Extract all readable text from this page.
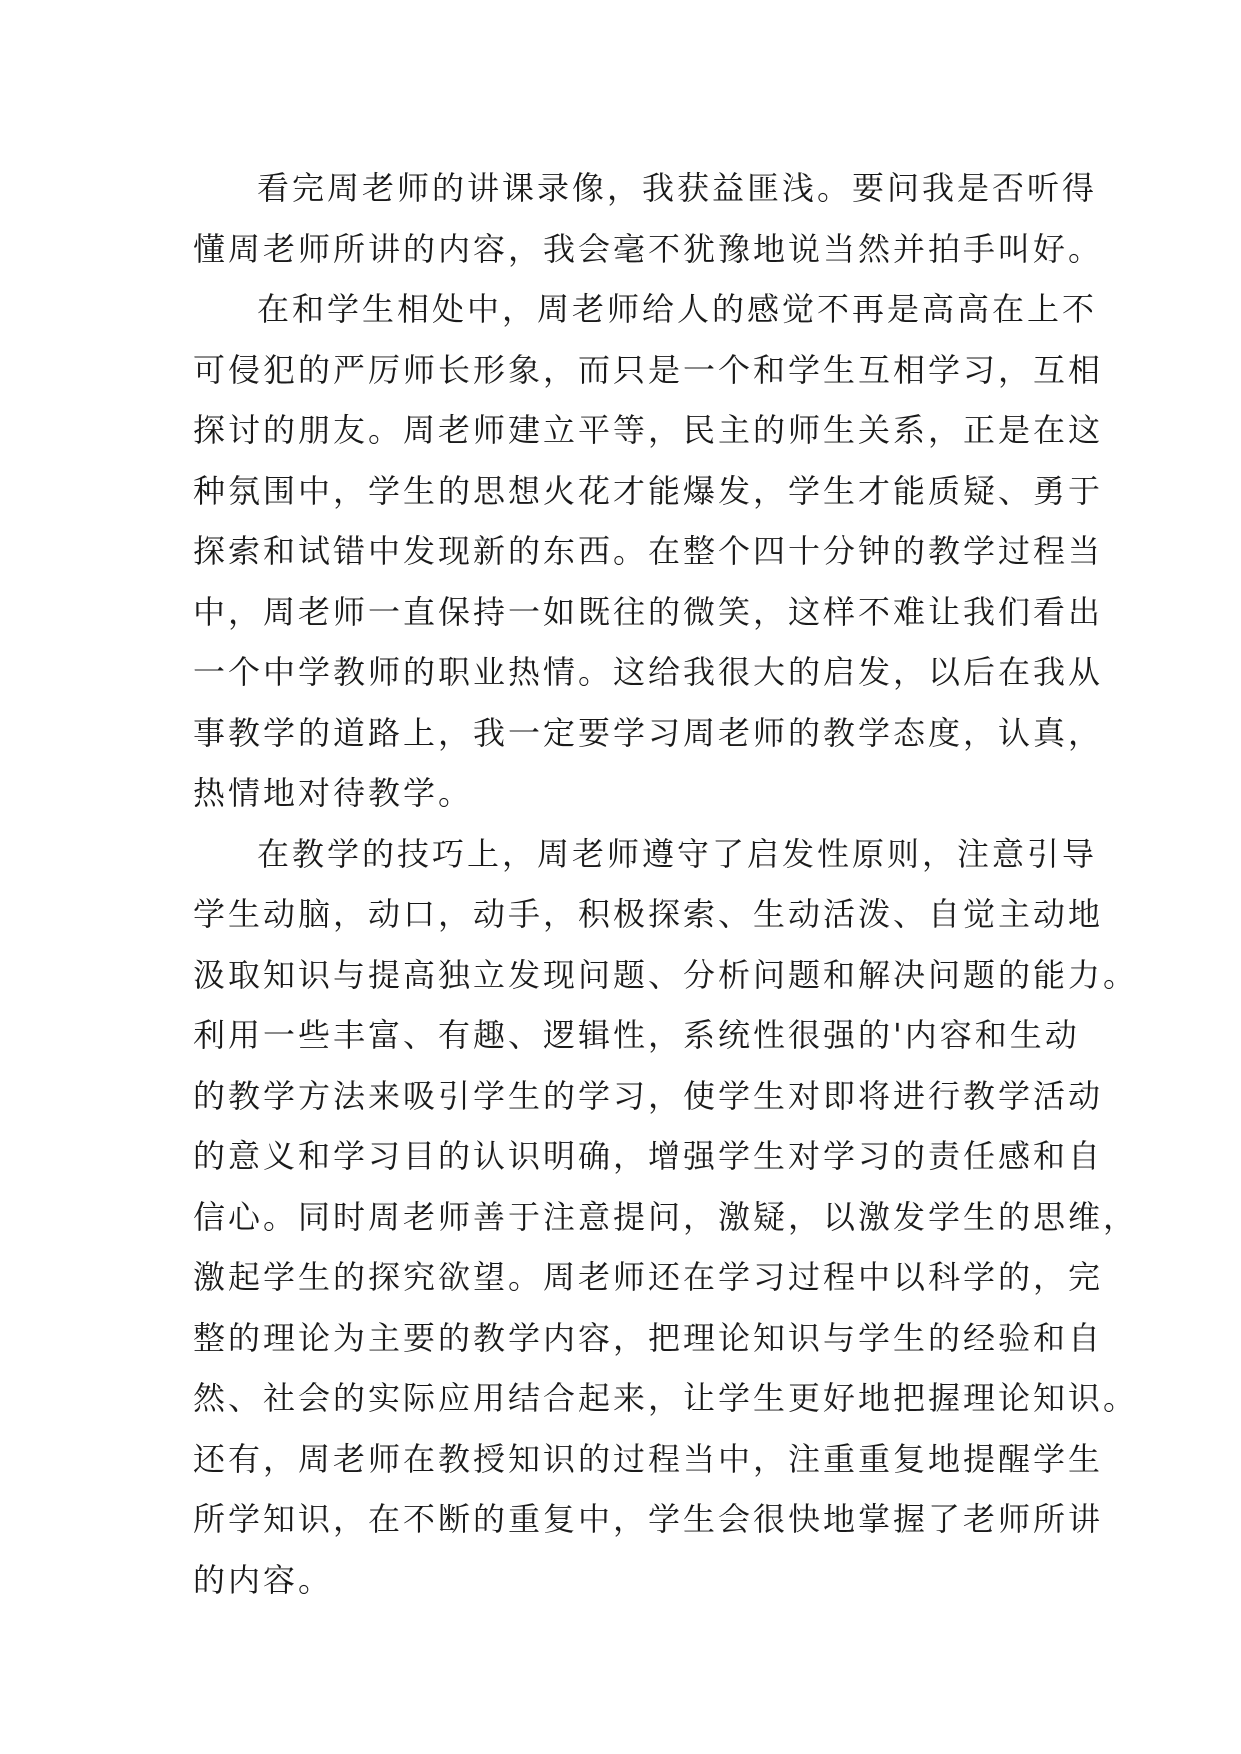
看完周老师的讲课录像，我获益匪浅。要问我是否听得
懂周老师所讲的内容，我会毫不犹豫地说当然并拍手叫好。
在和学生相处中，周老师给人的感觉不再是高高在上不
可侵犯的严厉师长形象，而只是一个和学生互相学习，互相
探讨的朋友。周老师建立平等，民主的师生关系，正是在这
种氛围中，学生的思想火花才能爆发，学生才能质疑、勇于
探索和试错中发现新的东西。在整个四十分钟的教学过程当
中，周老师一直保持一如既往的微笑，这样不难让我们看出
一个中学教师的职业热情。这给我很大的启发，以后在我从
事教学的道路上，我一定要学习周老师的教学态度，认真，
热情地对待教学。
在教学的技巧上，周老师遵守了启发性原则，注意引导
学生动脑，动口，动手，积极探索、生动活泼、自觉主动地
汲取知识与提高独立发现问题、分析问题和解决问题的能力。
利用一些丰富、有趣、逻辑性，系统性很强的'内容和生动
的教学方法来吸引学生的学习，使学生对即将进行教学活动
的意义和学习目的认识明确，增强学生对学习的责任感和自
信心。同时周老师善于注意提问，激疑，以激发学生的思维，
激起学生的探究欲望。周老师还在学习过程中以科学的，完
整的理论为主要的教学内容，把理论知识与学生的经验和自
然、社会的实际应用结合起来，让学生更好地把握理论知识。
还有，周老师在教授知识的过程当中，注重重复地提醒学生
所学知识，在不断的重复中，学生会很快地掌握了老师所讲
的内容。
